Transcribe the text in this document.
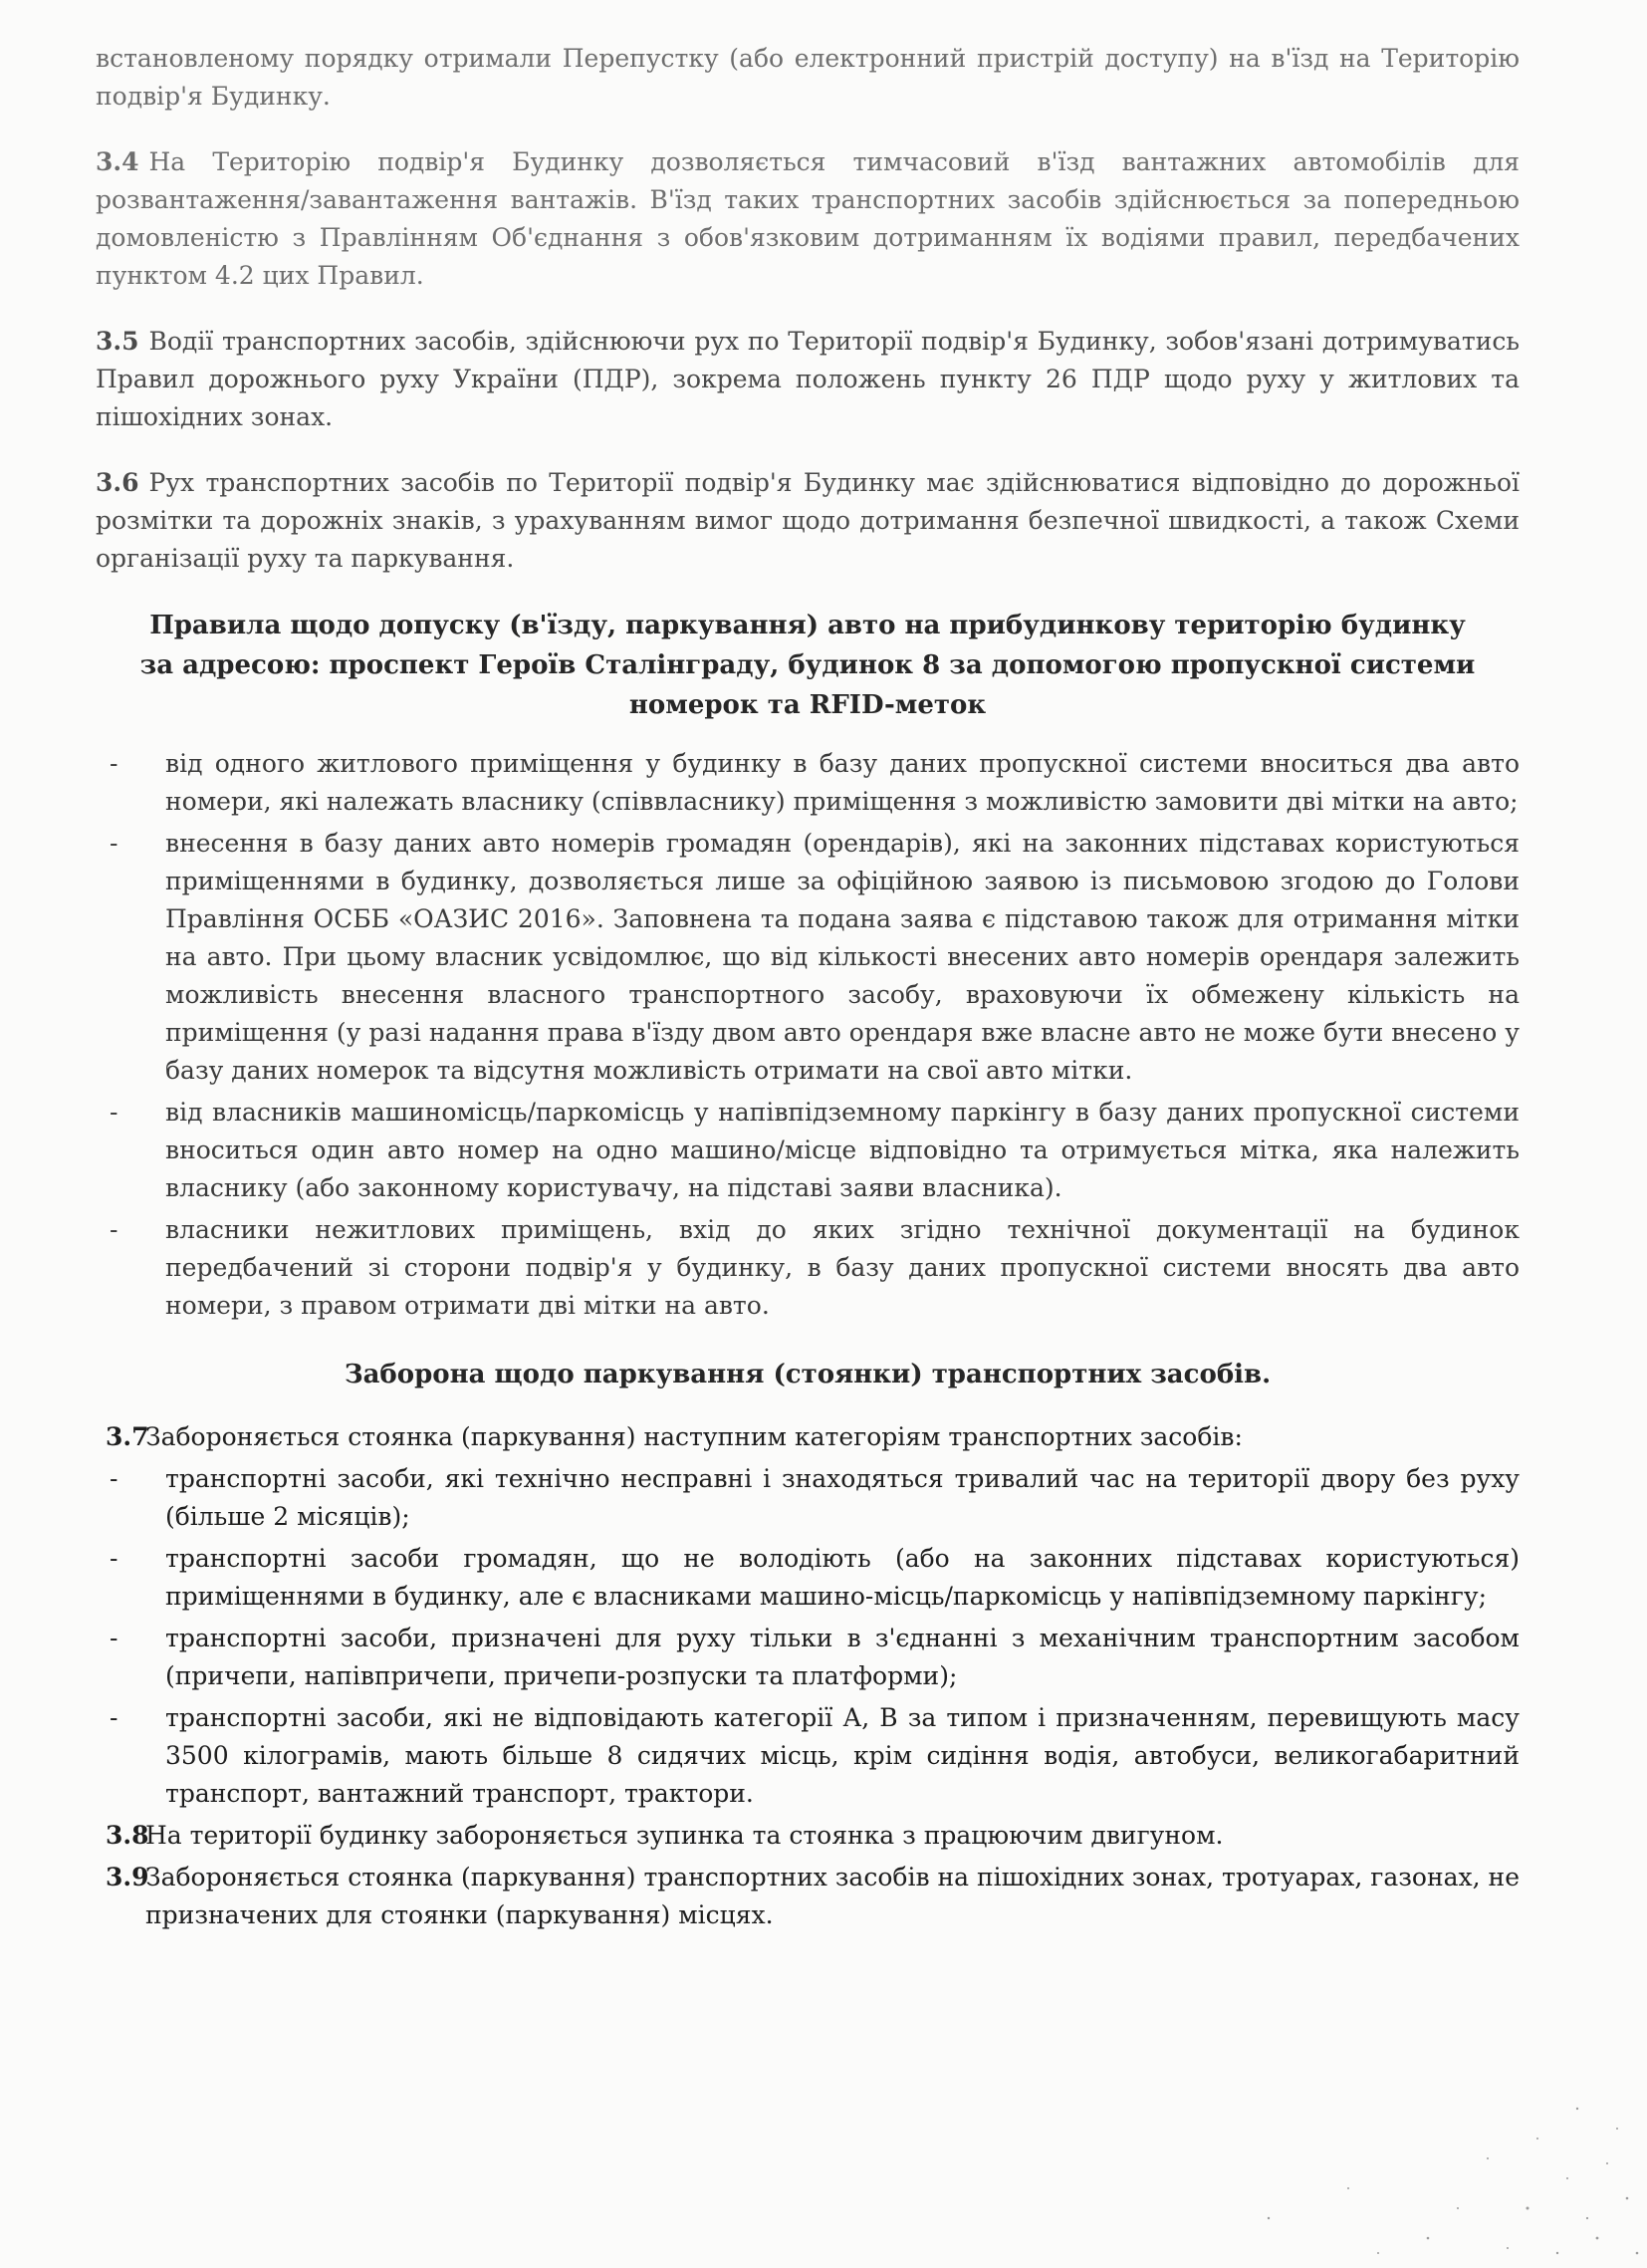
встановленому порядку отримали Перепустку (або електронний пристрій доступу) на в'їзд на Територію подвір'я Будинку.

3.4 На Територію подвір'я Будинку дозволяється тимчасовий в'їзд вантажних автомобілів для розвантаження/завантаження вантажів. В'їзд таких транспортних засобів здійснюється за попередньою домовленістю з Правлінням Об'єднання з обов'язковим дотриманням їх водіями правил, передбачених пунктом 4.2 цих Правил.

3.5 Водії транспортних засобів, здійснюючи рух по Території подвір'я Будинку, зобов'язані дотримуватись Правил дорожнього руху України (ПДР), зокрема положень пункту 26 ПДР щодо руху у житлових та пішохідних зонах.

3.6 Рух транспортних засобів по Території подвір'я Будинку має здійснюватися відповідно до дорожньої розмітки та дорожніх знаків, з урахуванням вимог щодо дотримання безпечної швидкості, а також Схеми організації руху та паркування.

Правила щодо допуску (в'їзду, паркування) авто на прибудинкову територію будинку за адресою: проспект Героїв Сталінграду, будинок 8 за допомогою пропускної системи номерок та RFID-меток
- від одного житлового приміщення у будинку в базу даних пропускної системи вноситься два авто номери, які належать власнику (співвласнику) приміщення з можливістю замовити дві мітки на авто;
- внесення в базу даних авто номерів громадян (орендарів), які на законних підставах користуються приміщеннями в будинку, дозволяється лише за офіційною заявою із письмовою згодою до Голови Правління ОСББ «ОАЗИС 2016». Заповнена та подана заява є підставою також для отримання мітки на авто. При цьому власник усвідомлює, що від кількості внесених авто номерів орендаря залежить можливість внесення власного транспортного засобу, враховуючи їх обмежену кількість на приміщення (у разі надання права в'їзду двом авто орендаря вже власне авто не може бути внесено у базу даних номерок та відсутня можливість отримати на свої авто мітки.
- від власників машиномісць/паркомісць у напівпідземному паркінгу в базу даних пропускної системи вноситься один авто номер на одно машино/місце відповідно та отримується мітка, яка належить власнику (або законному користувачу, на підставі заяви власника).
- власники нежитлових приміщень, вхід до яких згідно технічної документації на будинок передбачений зі сторони подвір'я у будинку, в базу даних пропускної системи вносять два авто номери, з правом отримати дві мітки на авто.
Заборона щодо паркування (стоянки) транспортних засобів.
3.7
Забороняється стоянка (паркування) наступним категоріям транспортних засобів:
- транспортні засоби, які технічно несправні і знаходяться тривалий час на території двору без руху (більше 2 місяців);
- транспортні засоби громадян, що не володіють (або на законних підставах користуються) приміщеннями в будинку, але є власниками машино-місць/паркомісць у напівпідземному паркінгу;
- транспортні засоби, призначені для руху тільки в з'єднанні з механічним транспортним засобом (причепи, напівпричепи, причепи-розпуски та платформи);
- транспортні засоби, які не відповідають категорії А, В за типом і призначенням, перевищують масу 3500 кілограмів, мають більше 8 сидячих місць, крім сидіння водія, автобуси, великогабаритний транспорт, вантажний транспорт, трактори.
3.8
На території будинку забороняється зупинка та стоянка з працюючим двигуном.
3.9
Забороняється стоянка (паркування) транспортних засобів на пішохідних зонах, тротуарах, газонах, не призначених для стоянки (паркування) місцях.
